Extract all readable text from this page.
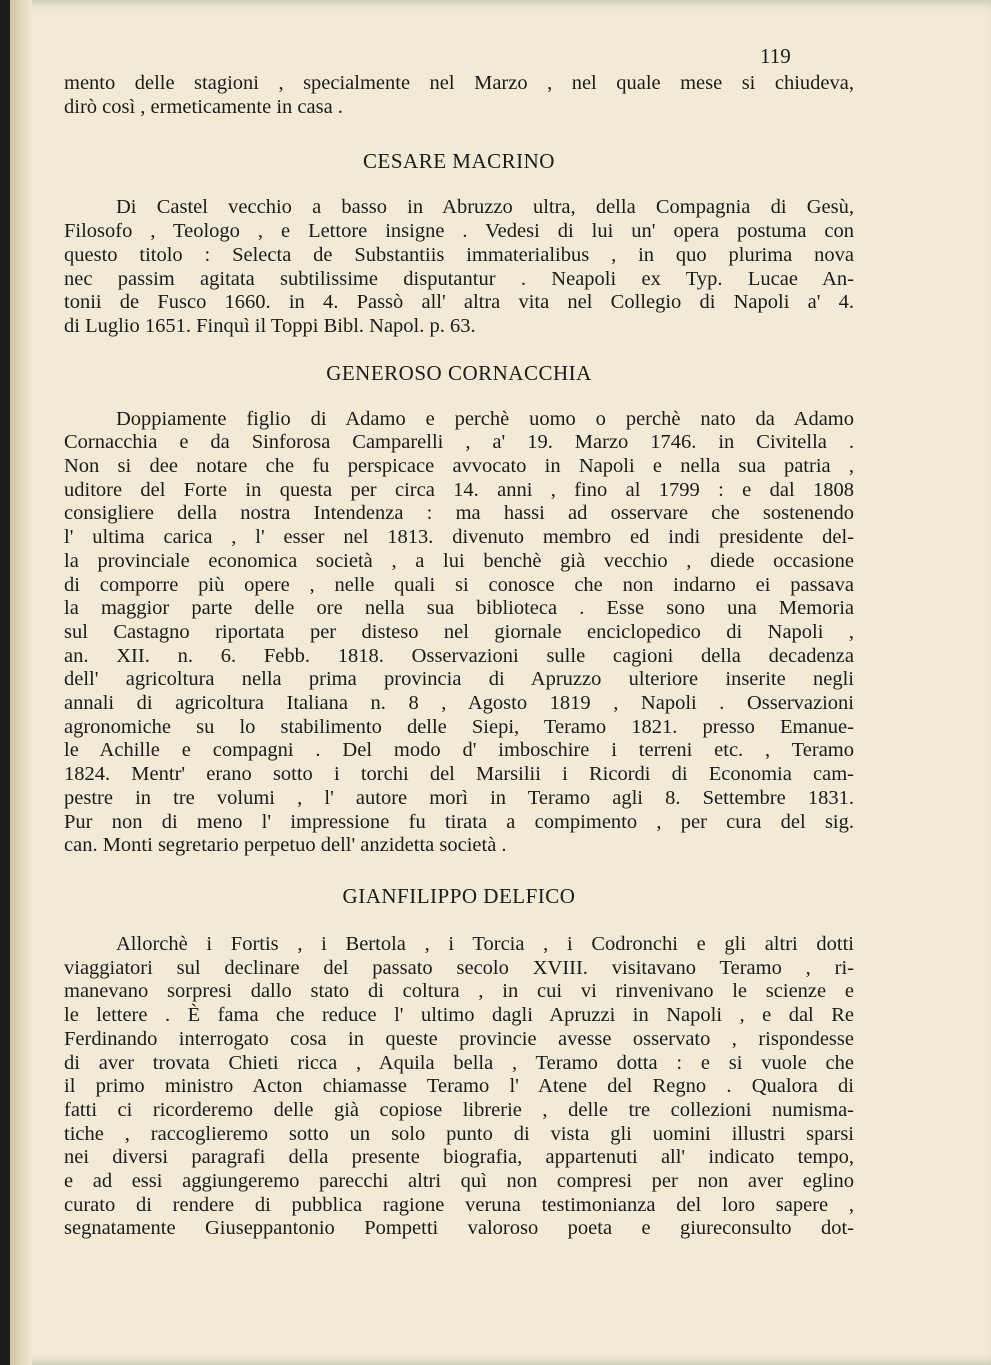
119
mento delle stagioni , specialmente nel Marzo , nel quale mese si chiudeva,
dirò così , ermeticamente in casa .
CESARE MACRINO
Di Castel vecchio a basso in Abruzzo ultra, della Compagnia di Gesù,
Filosofo , Teologo , e Lettore insigne . Vedesi di lui un' opera postuma con
questo titolo : Selecta de Substantiis immaterialibus , in quo plurima nova
nec passim agitata subtilissime disputantur . Neapoli ex Typ. Lucae An-
tonii de Fusco 1660. in 4. Passò all' altra vita nel Collegio di Napoli a' 4.
di Luglio 1651. Finquì il Toppi Bibl. Napol. p. 63.
GENEROSO CORNACCHIA
Doppiamente figlio di Adamo e perchè uomo o perchè nato da Adamo
Cornacchia e da Sinforosa Camparelli , a' 19. Marzo 1746. in Civitella .
Non si dee notare che fu perspicace avvocato in Napoli e nella sua patria ,
uditore del Forte in questa per circa 14. anni , fino al 1799 : e dal 1808
consigliere della nostra Intendenza : ma hassi ad osservare che sostenendo
l' ultima carica , l' esser nel 1813. divenuto membro ed indi presidente del-
la provinciale economica società , a lui benchè già vecchio , diede occasione
di comporre più opere , nelle quali si conosce che non indarno ei passava
la maggior parte delle ore nella sua biblioteca . Esse sono una Memoria
sul Castagno riportata per disteso nel giornale enciclopedico di Napoli ,
an. XII. n. 6. Febb. 1818. Osservazioni sulle cagioni della decadenza
dell' agricoltura nella prima provincia di Apruzzo ulteriore inserite negli
annali di agricoltura Italiana n. 8 , Agosto 1819 , Napoli . Osservazioni
agronomiche su lo stabilimento delle Siepi, Teramo 1821. presso Emanue-
le Achille e compagni . Del modo d' imboschire i terreni etc. , Teramo
1824. Mentr' erano sotto i torchi del Marsilii i Ricordi di Economia cam-
pestre in tre volumi , l' autore morì in Teramo agli 8. Settembre 1831.
Pur non di meno l' impressione fu tirata a compimento , per cura del sig.
can. Monti segretario perpetuo dell' anzidetta società .
GIANFILIPPO DELFICO
Allorchè i Fortis , i Bertola , i Torcia , i Codronchi e gli altri dotti
viaggiatori sul declinare del passato secolo XVIII. visitavano Teramo , ri-
manevano sorpresi dallo stato di coltura , in cui vi rinvenivano le scienze e
le lettere . È fama che reduce l' ultimo dagli Apruzzi in Napoli , e dal Re
Ferdinando interrogato cosa in queste provincie avesse osservato , rispondesse
di aver trovata Chieti ricca , Aquila bella , Teramo dotta : e si vuole che
il primo ministro Acton chiamasse Teramo l' Atene del Regno . Qualora di
fatti ci ricorderemo delle già copiose librerie , delle tre collezioni numisma-
tiche , raccoglieremo sotto un solo punto di vista gli uomini illustri sparsi
nei diversi paragrafi della presente biografia, appartenuti all' indicato tempo,
e ad essi aggiungeremo parecchi altri quì non compresi per non aver eglino
curato di rendere di pubblica ragione veruna testimonianza del loro sapere ,
segnatamente Giuseppantonio Pompetti valoroso poeta e giureconsulto dot-
